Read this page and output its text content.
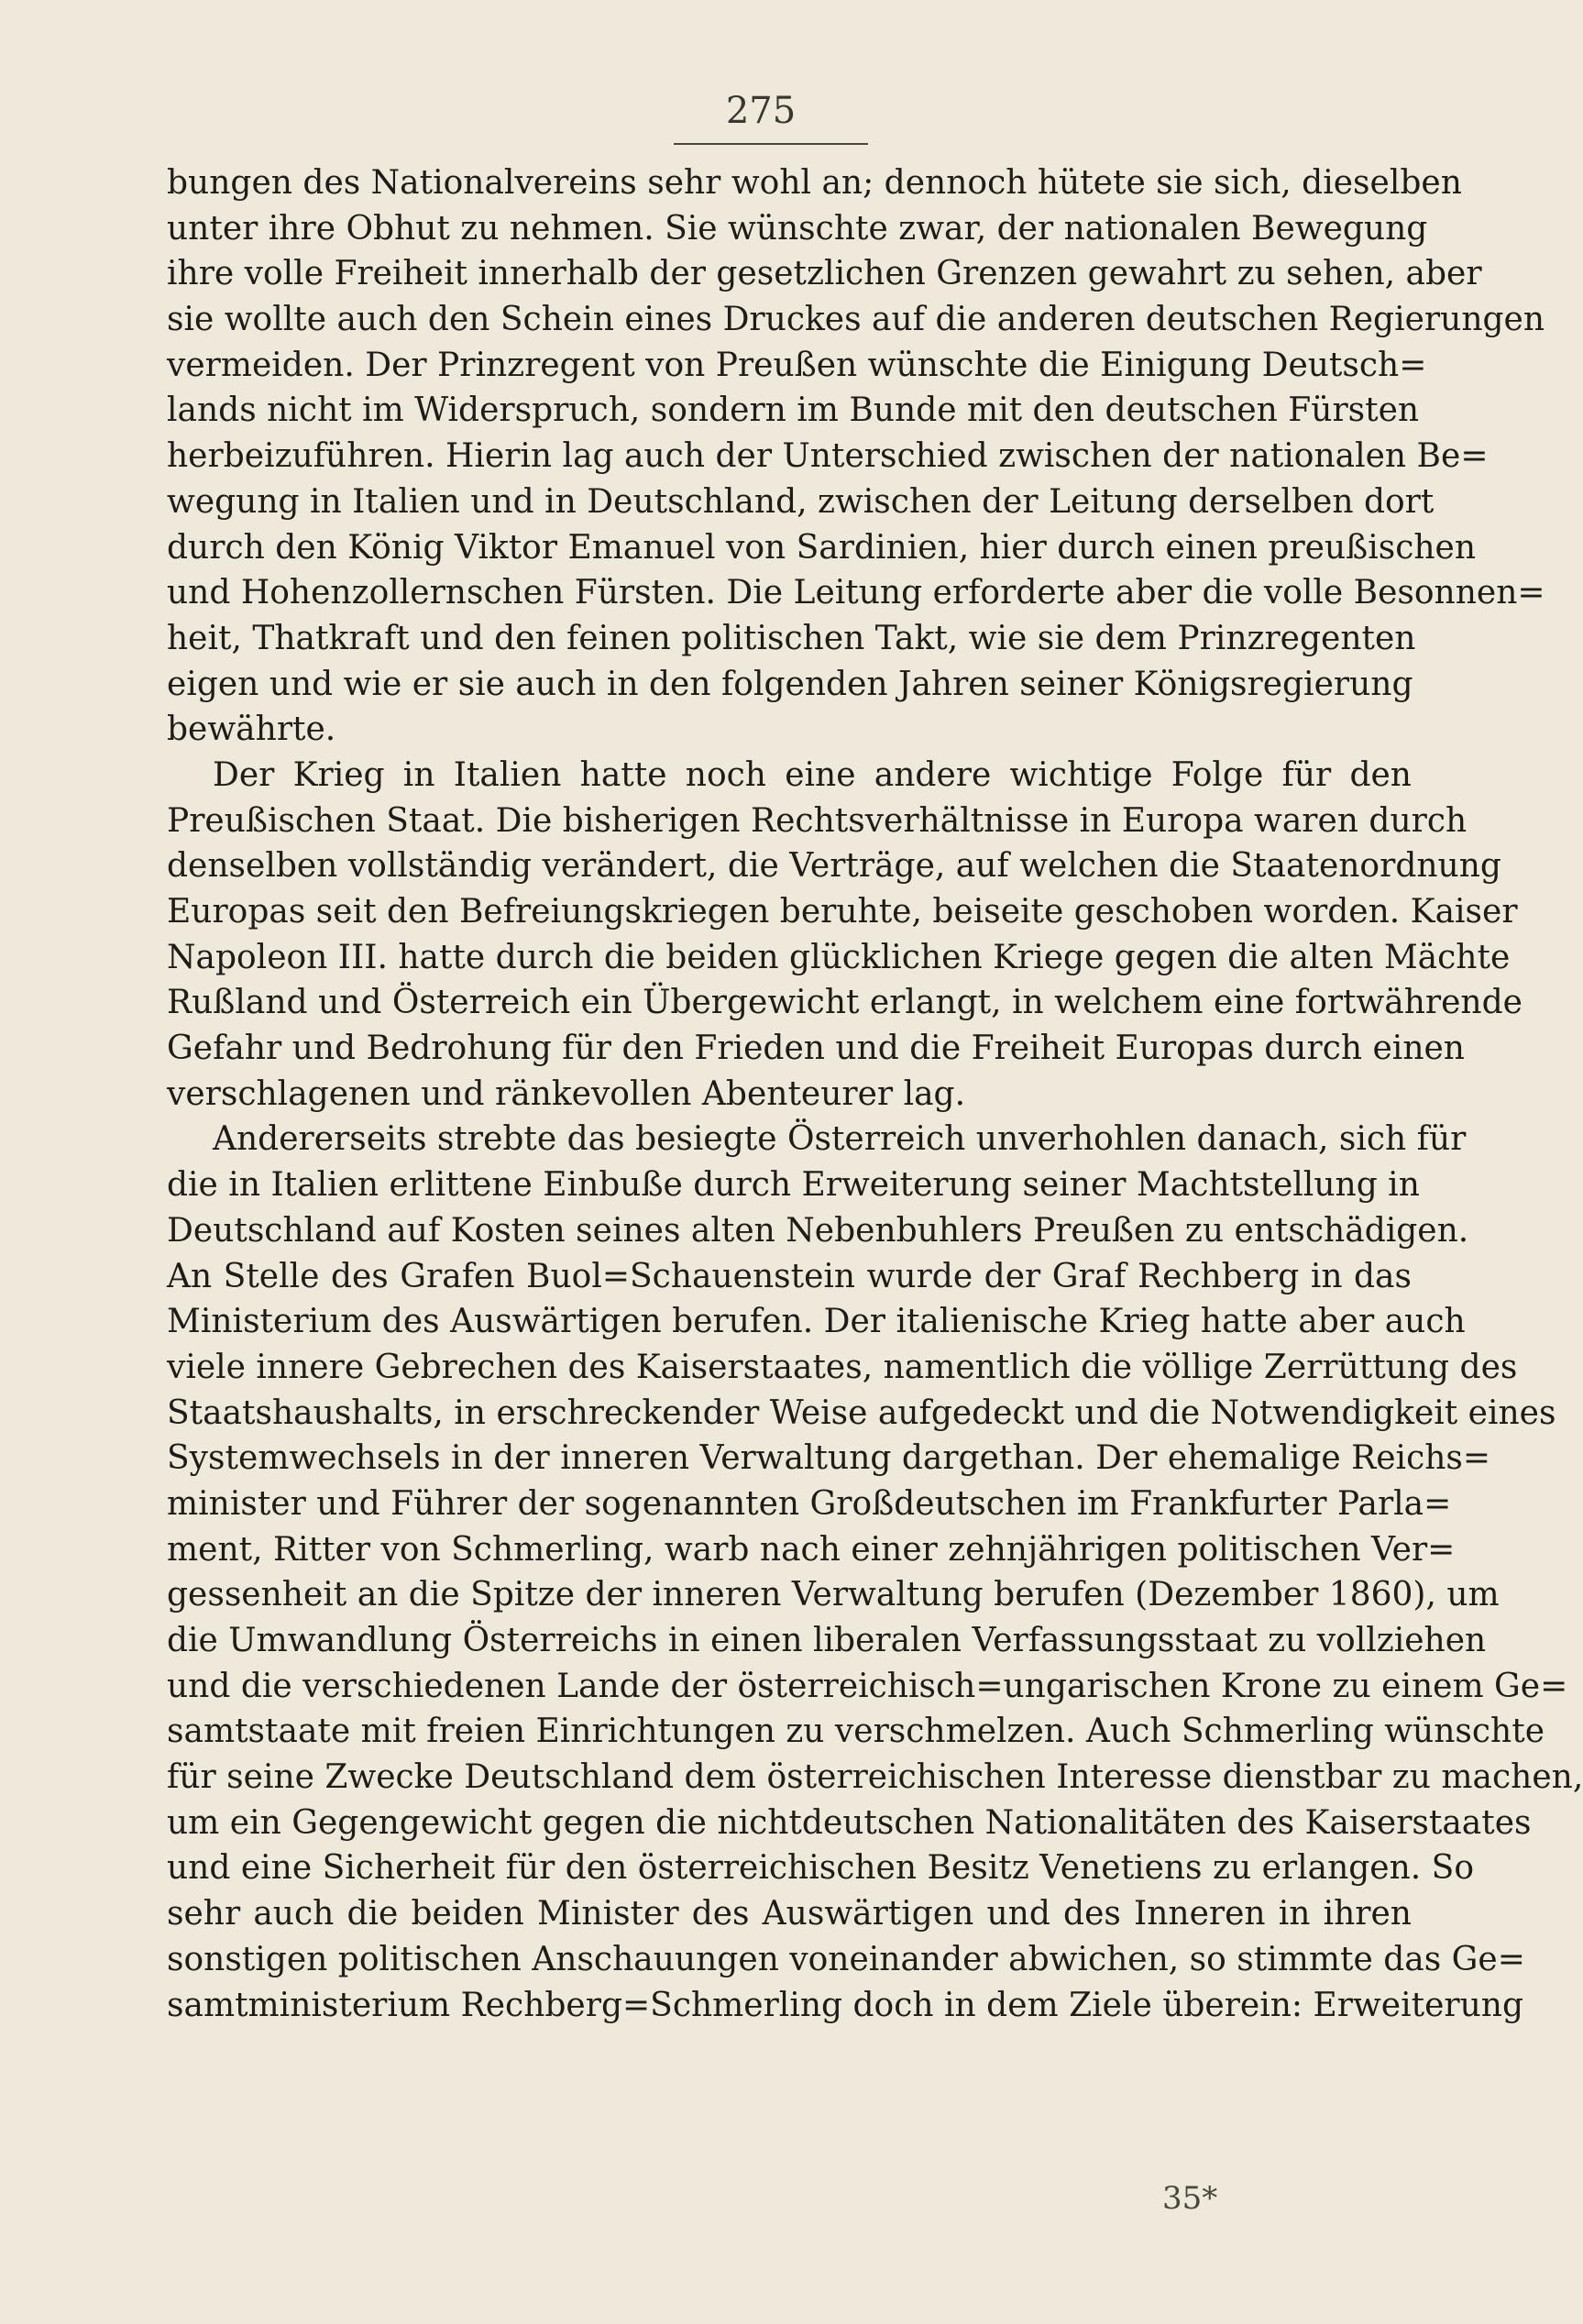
275
bungen des Nationalvereins sehr wohl an; dennoch hütete sie sich, dieselben
unter ihre Obhut zu nehmen. Sie wünschte zwar, der nationalen Bewegung
ihre volle Freiheit innerhalb der gesetzlichen Grenzen gewahrt zu sehen, aber
sie wollte auch den Schein eines Druckes auf die anderen deutschen Regierungen
vermeiden. Der Prinzregent von Preußen wünschte die Einigung Deutsch=
lands nicht im Widerspruch, sondern im Bunde mit den deutschen Fürsten
herbeizuführen. Hierin lag auch der Unterschied zwischen der nationalen Be=
wegung in Italien und in Deutschland, zwischen der Leitung derselben dort
durch den König Viktor Emanuel von Sardinien, hier durch einen preußischen
und Hohenzollernschen Fürsten. Die Leitung erforderte aber die volle Besonnen=
heit, Thatkraft und den feinen politischen Takt, wie sie dem Prinzregenten
eigen und wie er sie auch in den folgenden Jahren seiner Königsregierung
bewährte.
Der Krieg in Italien hatte noch eine andere wichtige Folge für den
Preußischen Staat. Die bisherigen Rechtsverhältnisse in Europa waren durch
denselben vollständig verändert, die Verträge, auf welchen die Staatenordnung
Europas seit den Befreiungskriegen beruhte, beiseite geschoben worden. Kaiser
Napoleon III. hatte durch die beiden glücklichen Kriege gegen die alten Mächte
Rußland und Österreich ein Übergewicht erlangt, in welchem eine fortwährende
Gefahr und Bedrohung für den Frieden und die Freiheit Europas durch einen
verschlagenen und ränkevollen Abenteurer lag.
Andererseits strebte das besiegte Österreich unverhohlen danach, sich für
die in Italien erlittene Einbuße durch Erweiterung seiner Machtstellung in
Deutschland auf Kosten seines alten Nebenbuhlers Preußen zu entschädigen.
An Stelle des Grafen Buol=Schauenstein wurde der Graf Rechberg in das
Ministerium des Auswärtigen berufen. Der italienische Krieg hatte aber auch
viele innere Gebrechen des Kaiserstaates, namentlich die völlige Zerrüttung des
Staatshaushalts, in erschreckender Weise aufgedeckt und die Notwendigkeit eines
Systemwechsels in der inneren Verwaltung dargethan. Der ehemalige Reichs=
minister und Führer der sogenannten Großdeutschen im Frankfurter Parla=
ment, Ritter von Schmerling, warb nach einer zehnjährigen politischen Ver=
gessenheit an die Spitze der inneren Verwaltung berufen (Dezember 1860), um
die Umwandlung Österreichs in einen liberalen Verfassungsstaat zu vollziehen
und die verschiedenen Lande der österreichisch=ungarischen Krone zu einem Ge=
samtstaate mit freien Einrichtungen zu verschmelzen. Auch Schmerling wünschte
für seine Zwecke Deutschland dem österreichischen Interesse dienstbar zu machen,
um ein Gegengewicht gegen die nichtdeutschen Nationalitäten des Kaiserstaates
und eine Sicherheit für den österreichischen Besitz Venetiens zu erlangen. So
sehr auch die beiden Minister des Auswärtigen und des Inneren in ihren
sonstigen politischen Anschauungen voneinander abwichen, so stimmte das Ge=
samtministerium Rechberg=Schmerling doch in dem Ziele überein: Erweiterung
35*
